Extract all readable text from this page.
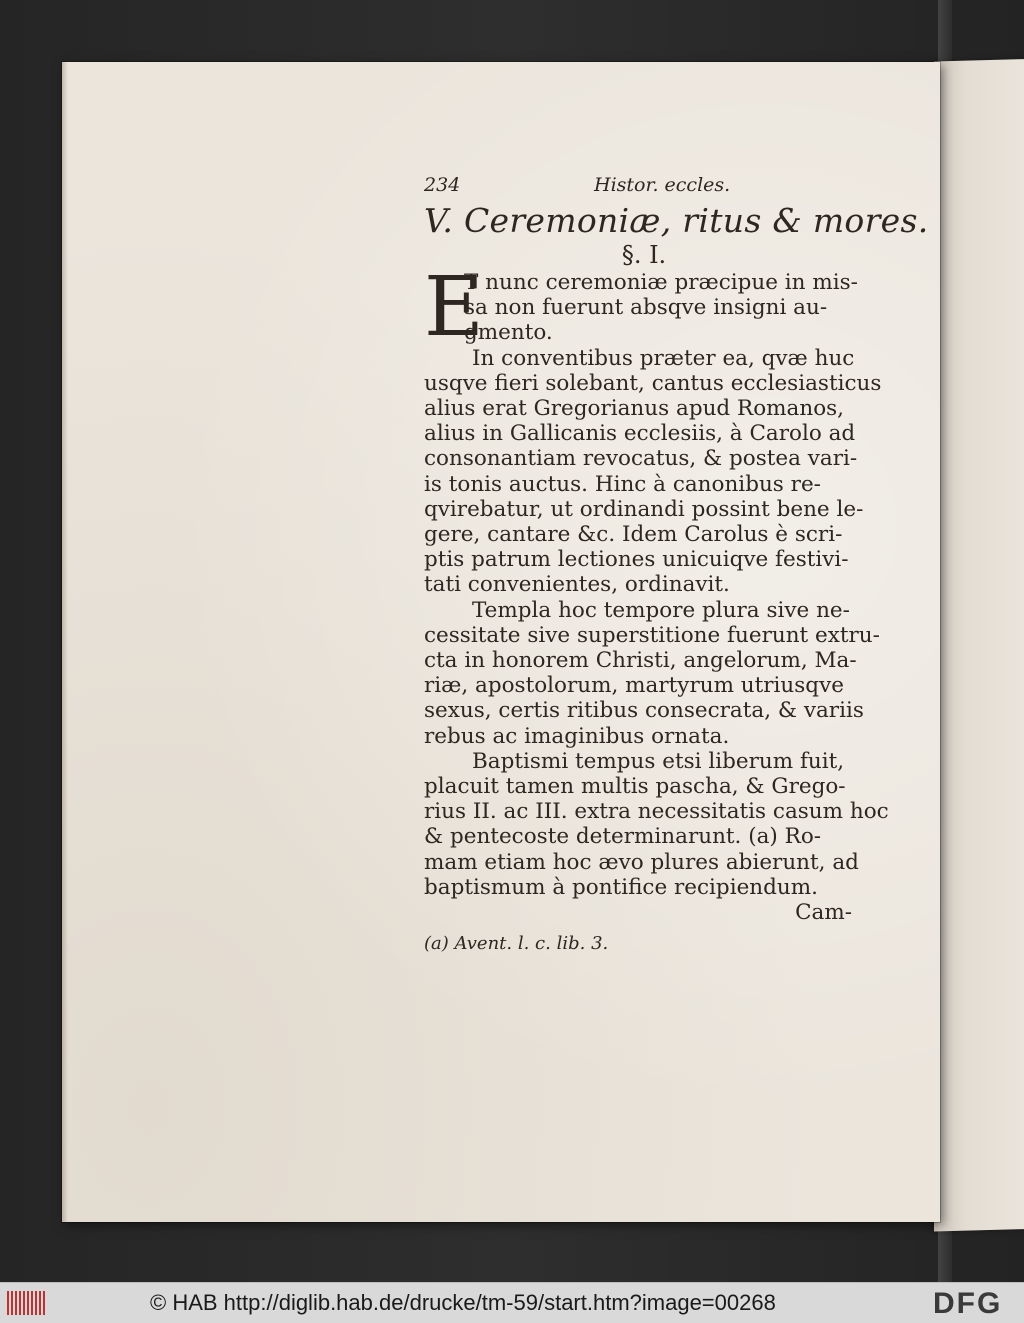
234	Histor. eccles.
V. Ceremoniæ, ritus & mores.
§. I.
E
T nunc ceremoniæ præcipue in mis-
sa non fuerunt absqve insigni au-
gmento.
In conventibus præter ea, qvæ huc
usqve fieri solebant, cantus ecclesiasticus
alius erat Gregorianus apud Romanos,
alius in Gallicanis ecclesiis, à Carolo ad
consonantiam revocatus, & postea vari-
is tonis auctus. Hinc à canonibus re-
qvirebatur, ut ordinandi possint bene le-
gere, cantare &c. Idem Carolus è scri-
ptis patrum lectiones unicuiqve festivi-
tati convenientes, ordinavit.
Templa hoc tempore plura sive ne-
cessitate sive superstitione fuerunt extru-
cta in honorem Christi, angelorum, Ma-
riæ, apostolorum, martyrum utriusqve
sexus, certis ritibus consecrata, & variis
rebus ac imaginibus ornata.
Baptismi tempus etsi liberum fuit,
placuit tamen multis pascha, & Grego-
rius II. ac III. extra necessitatis casum hoc
& pentecoste determinarunt. (a) Ro-
mam etiam hoc ævo plures abierunt, ad
baptismum à pontifice recipiendum.
Cam-
(a) Avent. l. c. lib. 3.
© HAB http://diglib.hab.de/drucke/tm-59/start.htm?image=00268	DFG
